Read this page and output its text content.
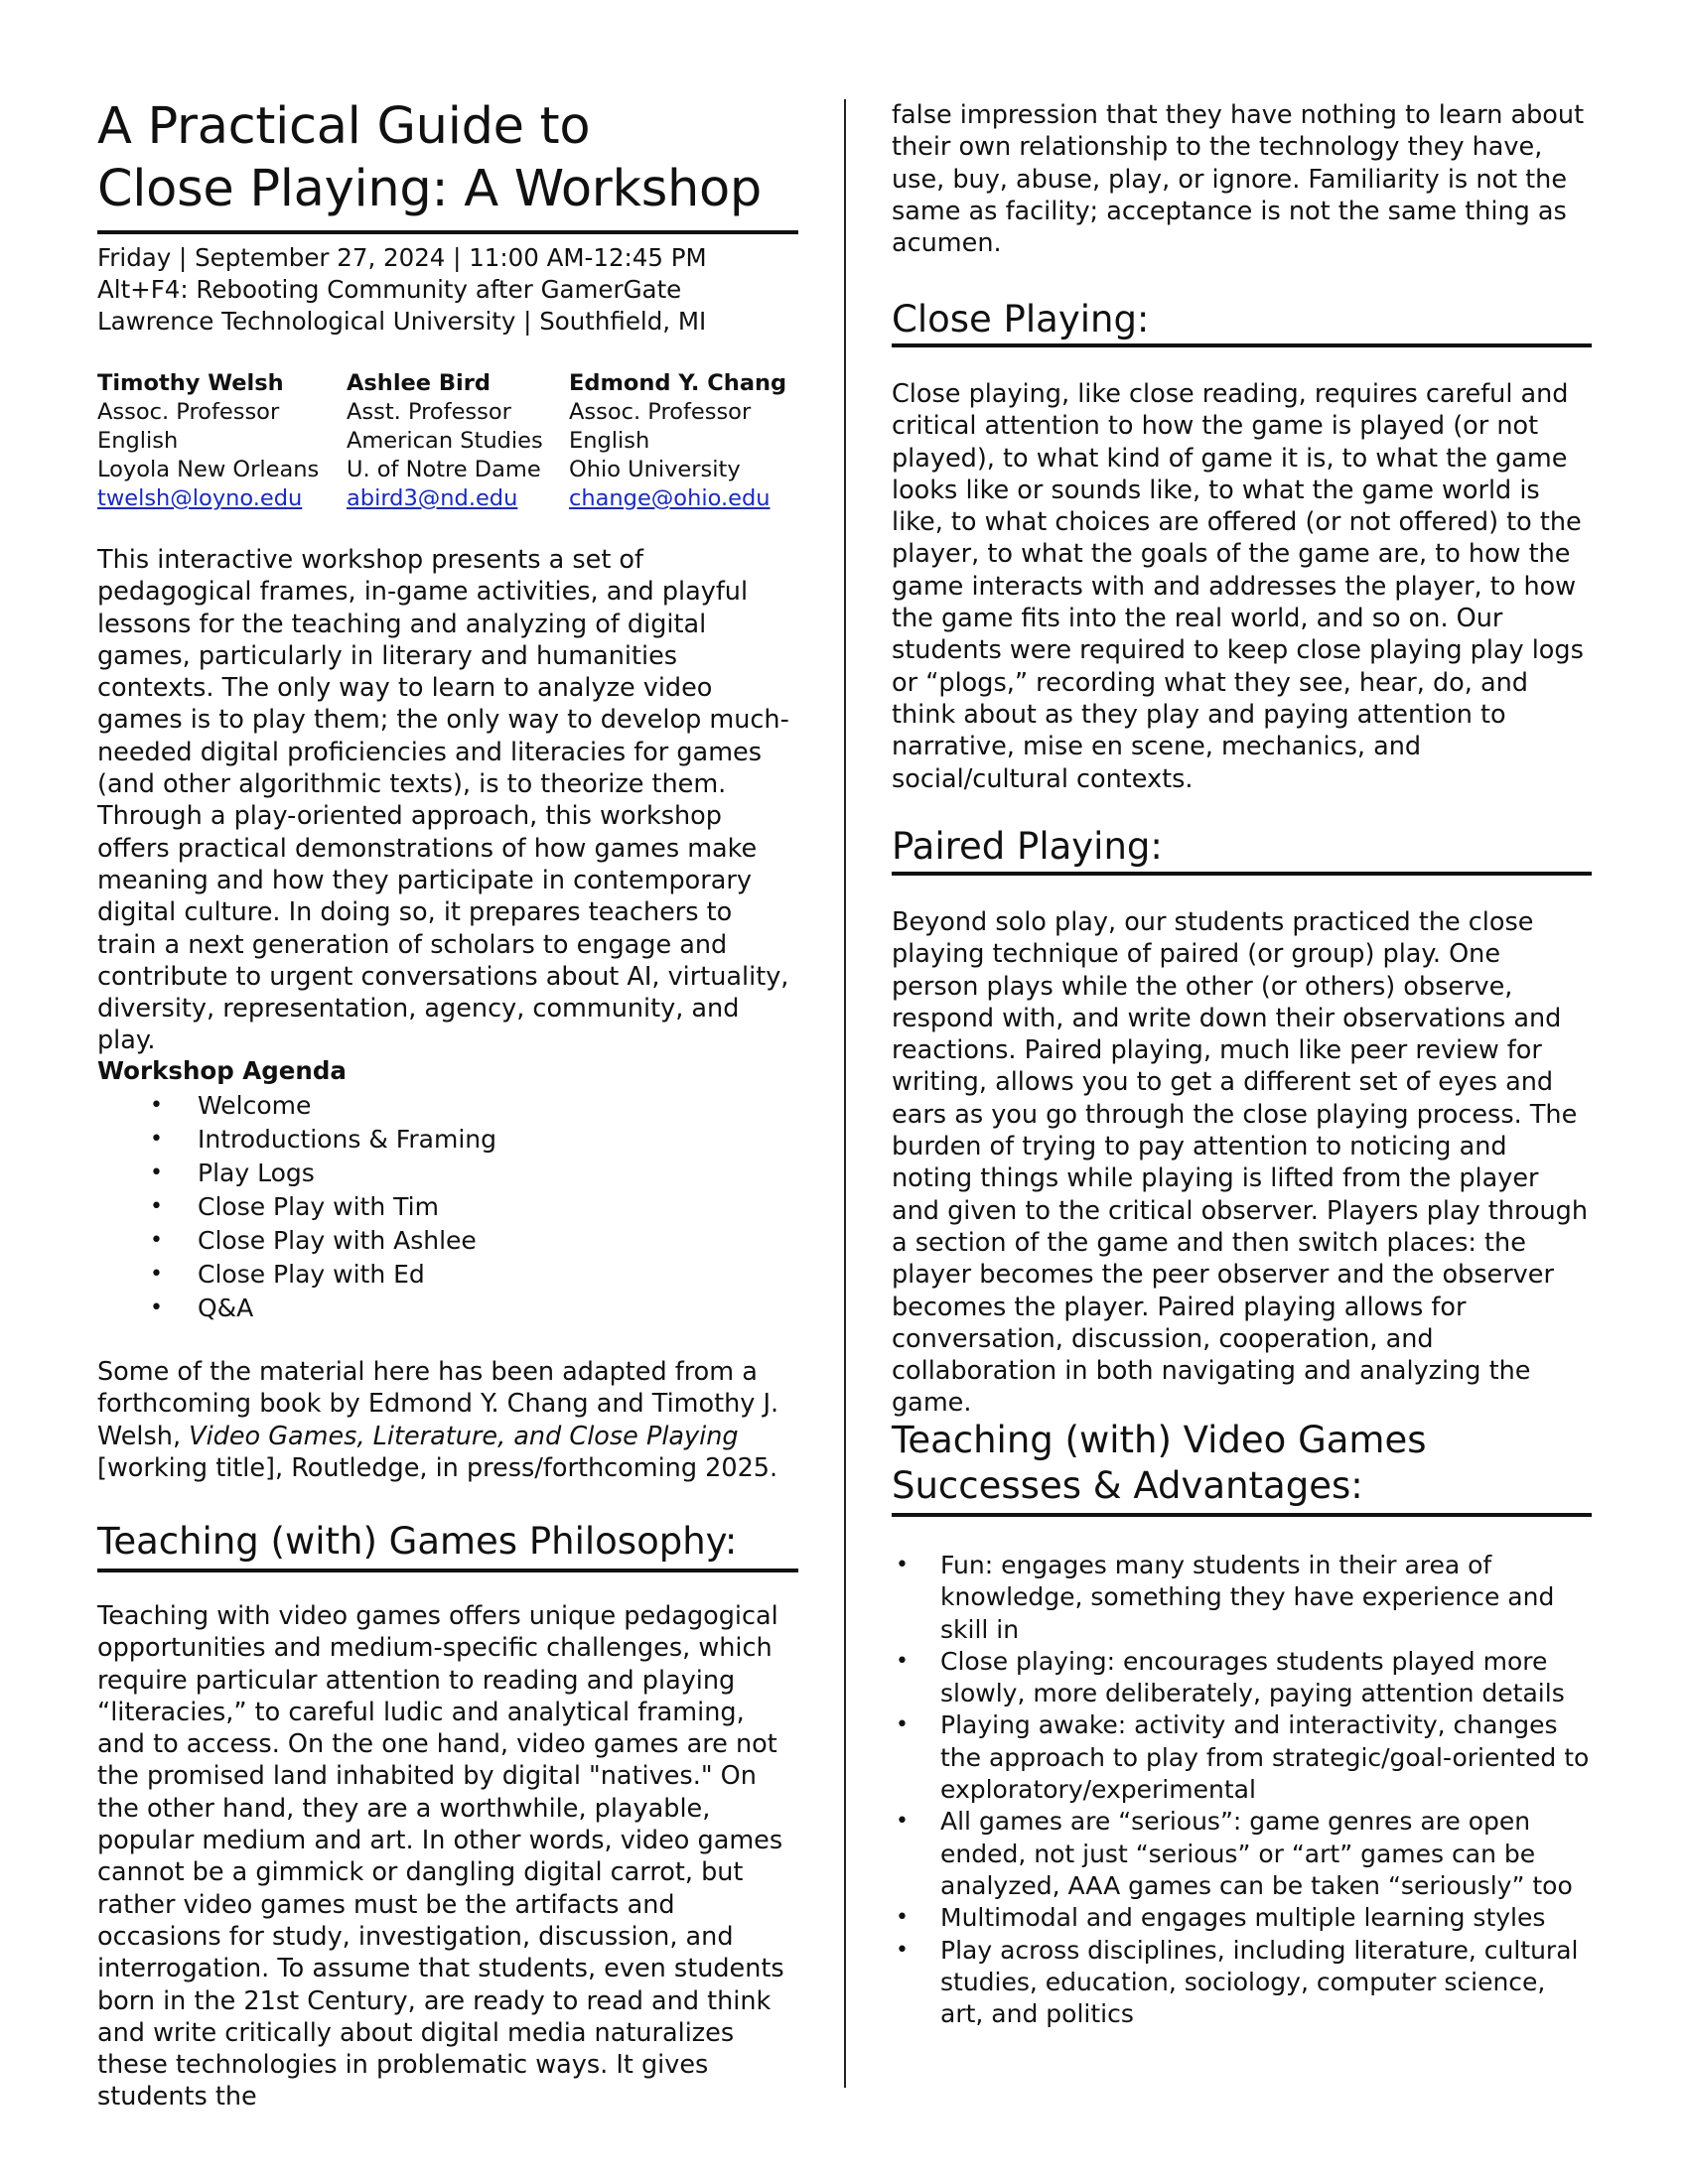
A Practical Guide to
Close Playing: A Workshop
Friday | September 27, 2024 | 11:00 AM-12:45 PM
Alt+F4: Rebooting Community after GamerGate
Lawrence Technological University | Southfield, MI
Timothy Welsh
Assoc. Professor
English
Loyola New Orleans
twelsh@loyno.edu
Ashlee Bird
Asst. Professor
American Studies
U. of Notre Dame
abird3@nd.edu
Edmond Y. Chang
Assoc. Professor
English
Ohio University
change@ohio.edu

This interactive workshop presents a set of pedagogical frames, in-game activities, and playful lessons for the teaching and analyzing of digital games, particularly in literary and humanities contexts. The only way to learn to analyze video games is to play them; the only way to develop much-needed digital proficiencies and literacies for games (and other algorithmic texts), is to theorize them. Through a play-oriented approach, this workshop offers practical demonstrations of how games make meaning and how they participate in contemporary digital culture. In doing so, it prepares teachers to train a next generation of scholars to engage and contribute to urgent conversations about AI, virtuality, diversity, representation, agency, community, and play.

Workshop Agenda
• Welcome
• Introductions & Framing
• Play Logs
• Close Play with Tim
• Close Play with Ashlee
• Close Play with Ed
• Q&A

Some of the material here has been adapted from a forthcoming book by Edmond Y. Chang and Timothy J. Welsh, Video Games, Literature, and Close Playing [working title], Routledge, in press/forthcoming 2025.

Teaching (with) Games Philosophy:

Teaching with video games offers unique pedagogical opportunities and medium-specific challenges, which require particular attention to reading and playing “literacies,” to careful ludic and analytical framing, and to access. On the one hand, video games are not the promised land inhabited by digital "natives." On the other hand, they are a worthwhile, playable, popular medium and art. In other words, video games cannot be a gimmick or dangling digital carrot, but rather video games must be the artifacts and occasions for study, investigation, discussion, and interrogation. To assume that students, even students born in the 21st Century, are ready to read and think and write critically about digital media naturalizes these technologies in problematic ways. It gives students the

false impression that they have nothing to learn about their own relationship to the technology they have, use, buy, abuse, play, or ignore. Familiarity is not the same as facility; acceptance is not the same thing as acumen.

Close Playing:

Close playing, like close reading, requires careful and critical attention to how the game is played (or not played), to what kind of game it is, to what the game looks like or sounds like, to what the game world is like, to what choices are offered (or not offered) to the player, to what the goals of the game are, to how the game interacts with and addresses the player, to how the game fits into the real world, and so on. Our students were required to keep close playing play logs or “plogs,” recording what they see, hear, do, and think about as they play and paying attention to narrative, mise en scene, mechanics, and social/cultural contexts.

Paired Playing:

Beyond solo play, our students practiced the close playing technique of paired (or group) play. One person plays while the other (or others) observe, respond with, and write down their observations and reactions. Paired playing, much like peer review for writing, allows you to get a different set of eyes and ears as you go through the close playing process. The burden of trying to pay attention to noticing and noting things while playing is lifted from the player and given to the critical observer. Players play through a section of the game and then switch places: the player becomes the peer observer and the observer becomes the player. Paired playing allows for conversation, discussion, cooperation, and collaboration in both navigating and analyzing the game.

Teaching (with) Video Games
Successes & Advantages:
• Fun: engages many students in their area of knowledge, something they have experience and skill in
• Close playing: encourages students played more slowly, more deliberately, paying attention details
• Playing awake: activity and interactivity, changes the approach to play from strategic/goal-oriented to exploratory/experimental
• All games are “serious”: game genres are open ended, not just “serious” or “art” games can be analyzed, AAA games can be taken “seriously” too
• Multimodal and engages multiple learning styles
• Play across disciplines, including literature, cultural studies, education, sociology, computer science, art, and politics
